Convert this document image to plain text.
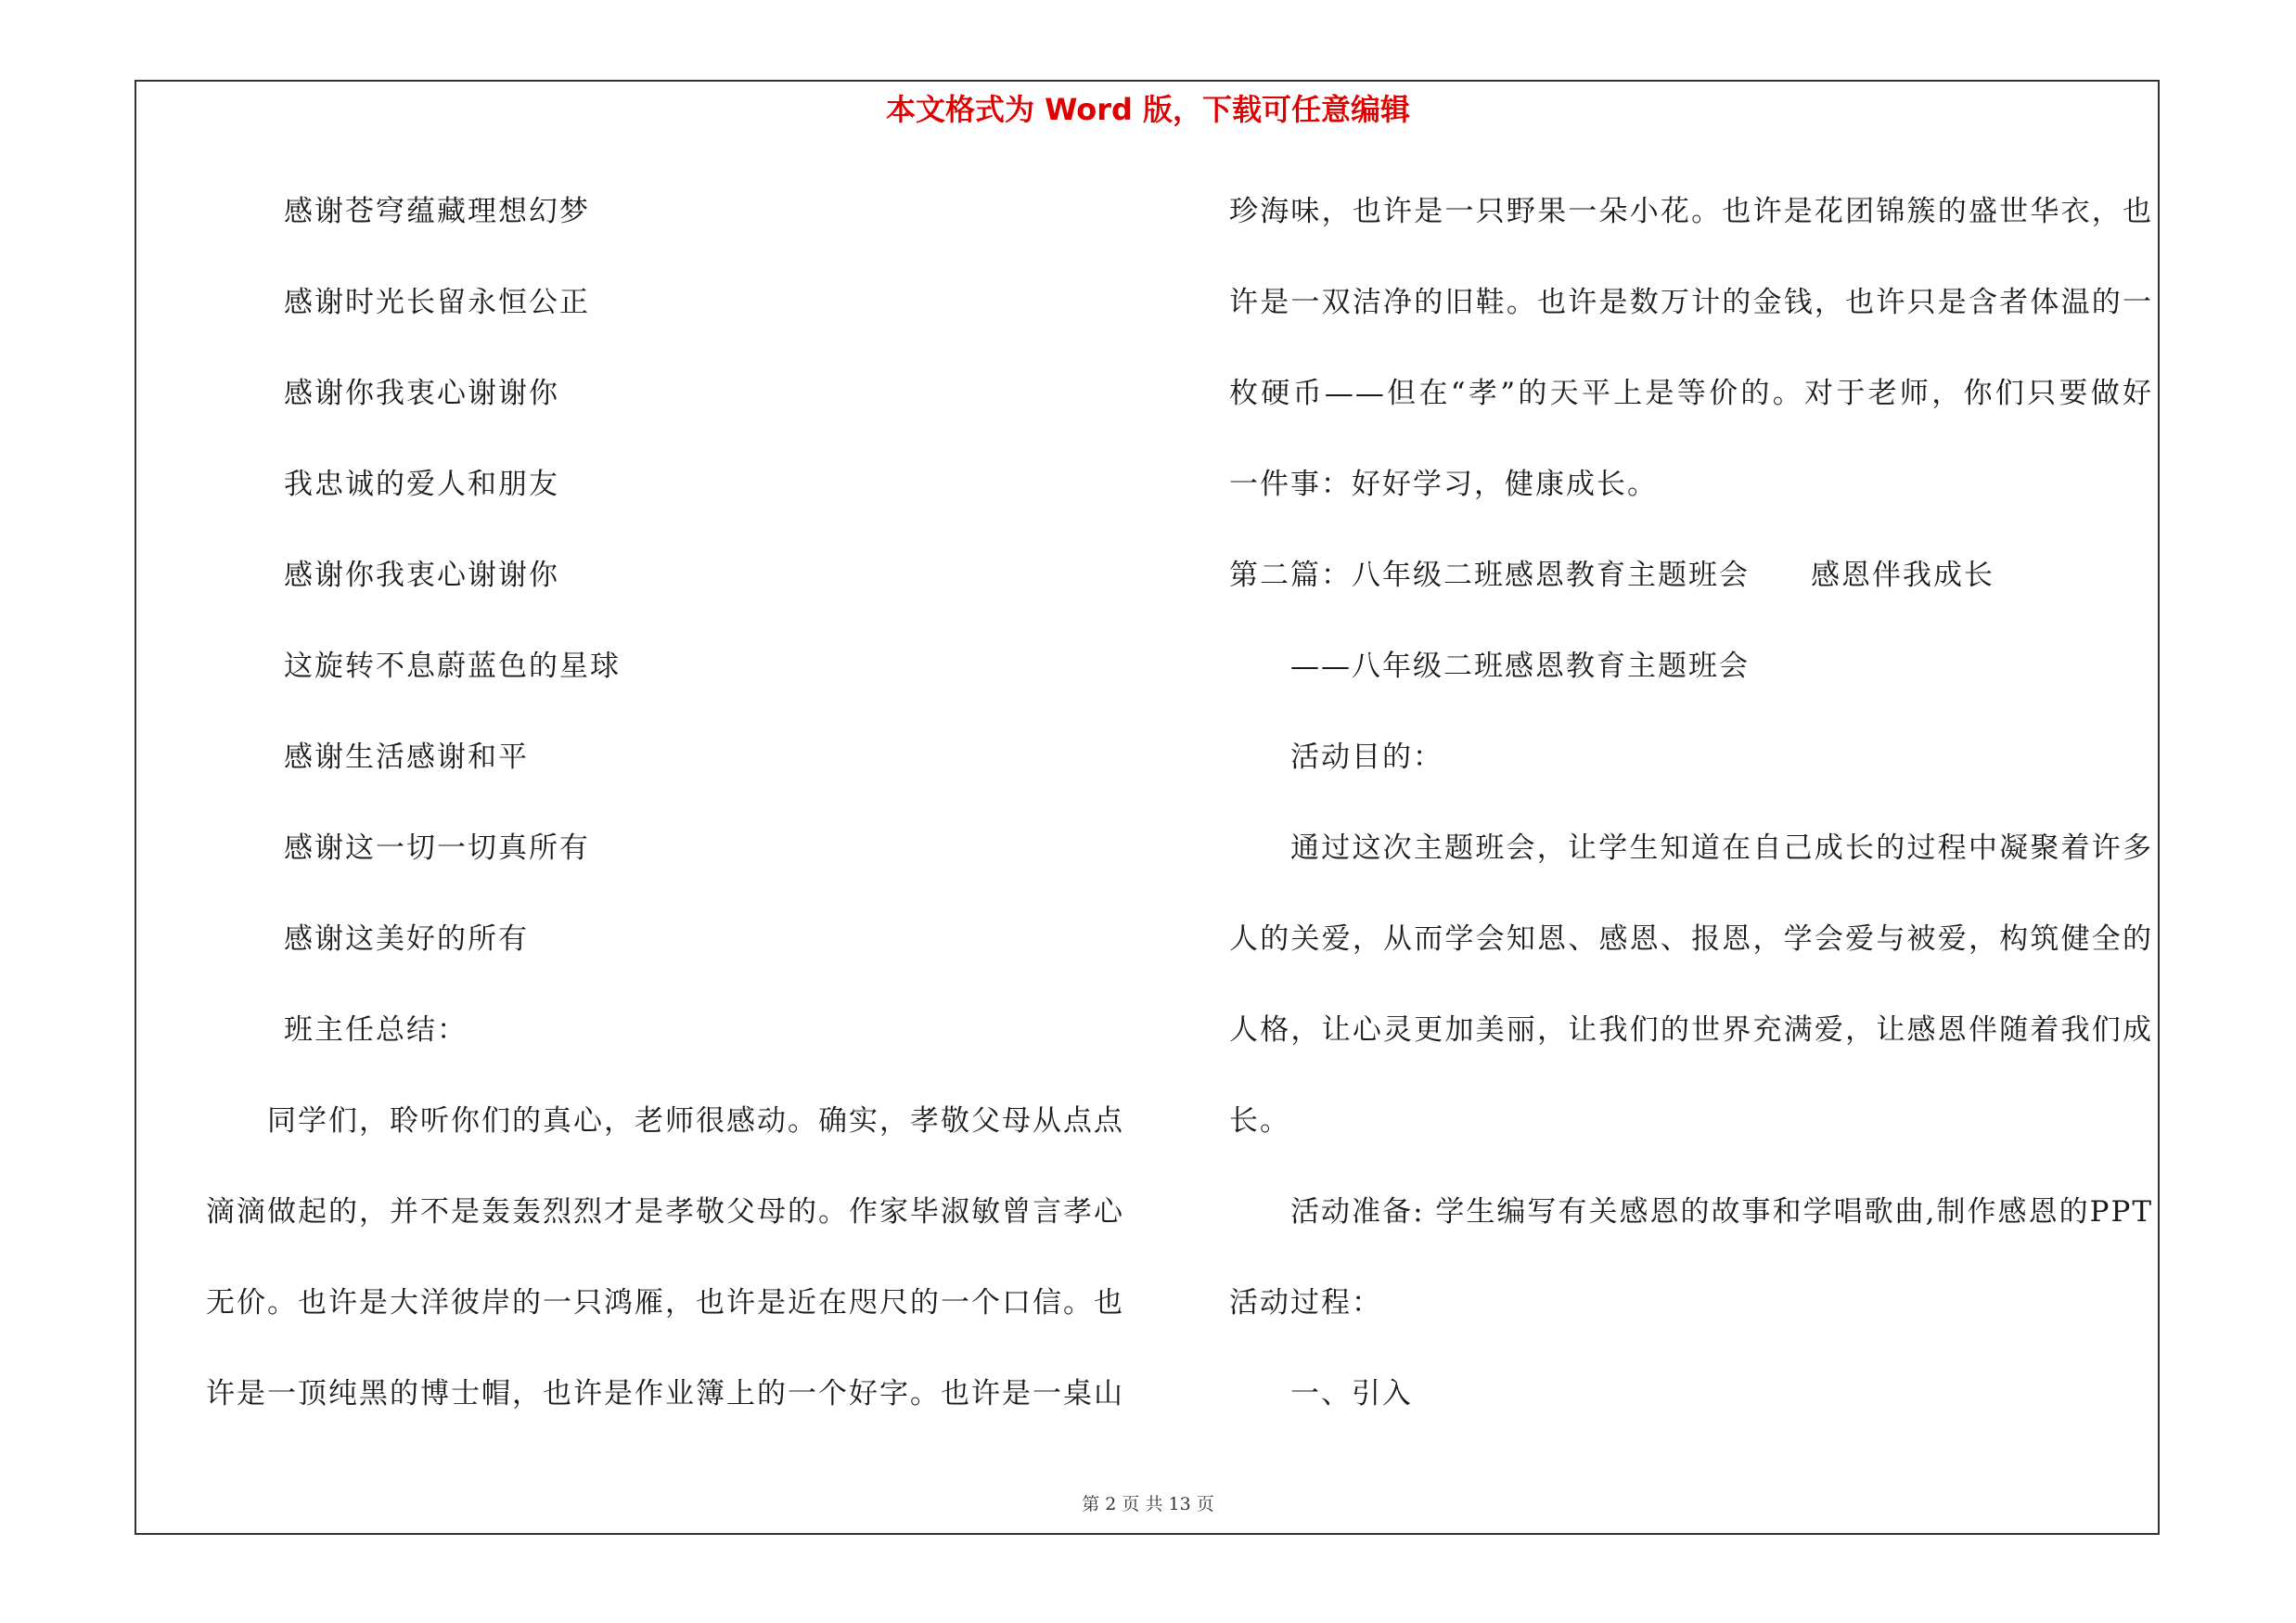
本文格式为 Word 版，下载可任意编辑
感谢苍穹蕴藏理想幻梦
感谢时光长留永恒公正
感谢你我衷心谢谢你
我忠诚的爱人和朋友
感谢你我衷心谢谢你
这旋转不息蔚蓝色的星球
感谢生活感谢和平
感谢这一切一切真所有
感谢这美好的所有
班主任总结：
同学们，聆听你们的真心，老师很感动。确实，孝敬父母从点点
滴滴做起的，并不是轰轰烈烈才是孝敬父母的。作家毕淑敏曾言孝心
无价。也许是大洋彼岸的一只鸿雁，也许是近在咫尺的一个口信。也
许是一顶纯黑的博士帽，也许是作业簿上的一个好字。也许是一桌山
珍海味，也许是一只野果一朵小花。也许是花团锦簇的盛世华衣，也
许是一双洁净的旧鞋。也许是数万计的金钱，也许只是含者体温的一
枚硬币——但在“孝”的天平上是等价的。对于老师，你们只要做好
一件事：好好学习，健康成长。
第二篇：八年级二班感恩教育主题班会　　感恩伴我成长
——八年级二班感恩教育主题班会
活动目的：
通过这次主题班会，让学生知道在自己成长的过程中凝聚着许多
人的关爱，从而学会知恩、感恩、报恩，学会爱与被爱，构筑健全的
人格，让心灵更加美丽，让我们的世界充满爱，让感恩伴随着我们成
长。
活动准备: 学生编写有关感恩的故事和学唱歌曲,制作感恩的PPT
活动过程：
一、引入
第 2 页 共 13 页
